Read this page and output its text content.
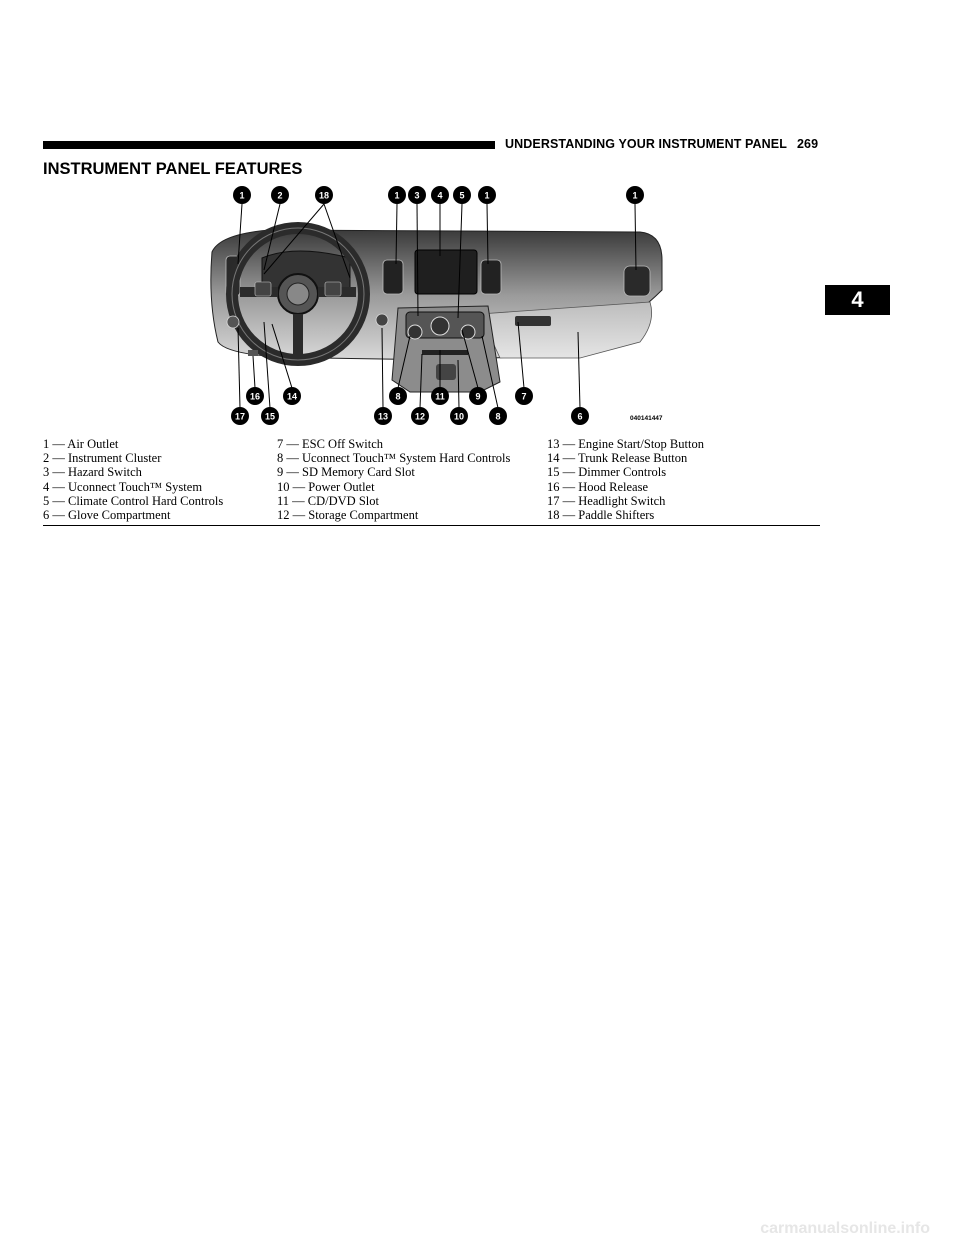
UNDERSTANDING YOUR INSTRUMENT PANEL 269
INSTRUMENT PANEL FEATURES
4
1	2	18	1 3 4 5 1	1
17
16
15
14
13
8
12
11
10
9
8
7
6	040141447
1 — Air Outlet
2 — Instrument Cluster
3 — Hazard Switch
4 — Uconnect Touch™ System
5 — Climate Control Hard Controls
6 — Glove Compartment
7 — ESC Off Switch
8 — Uconnect Touch™ System Hard Controls
9 — SD Memory Card Slot
10 — Power Outlet
11 — CD/DVD Slot
12 — Storage Compartment
13 — Engine Start/Stop Button
14 — Trunk Release Button
15 — Dimmer Controls
16 — Hood Release
17 — Headlight Switch
18 — Paddle Shifters
carmanualsonline.info
